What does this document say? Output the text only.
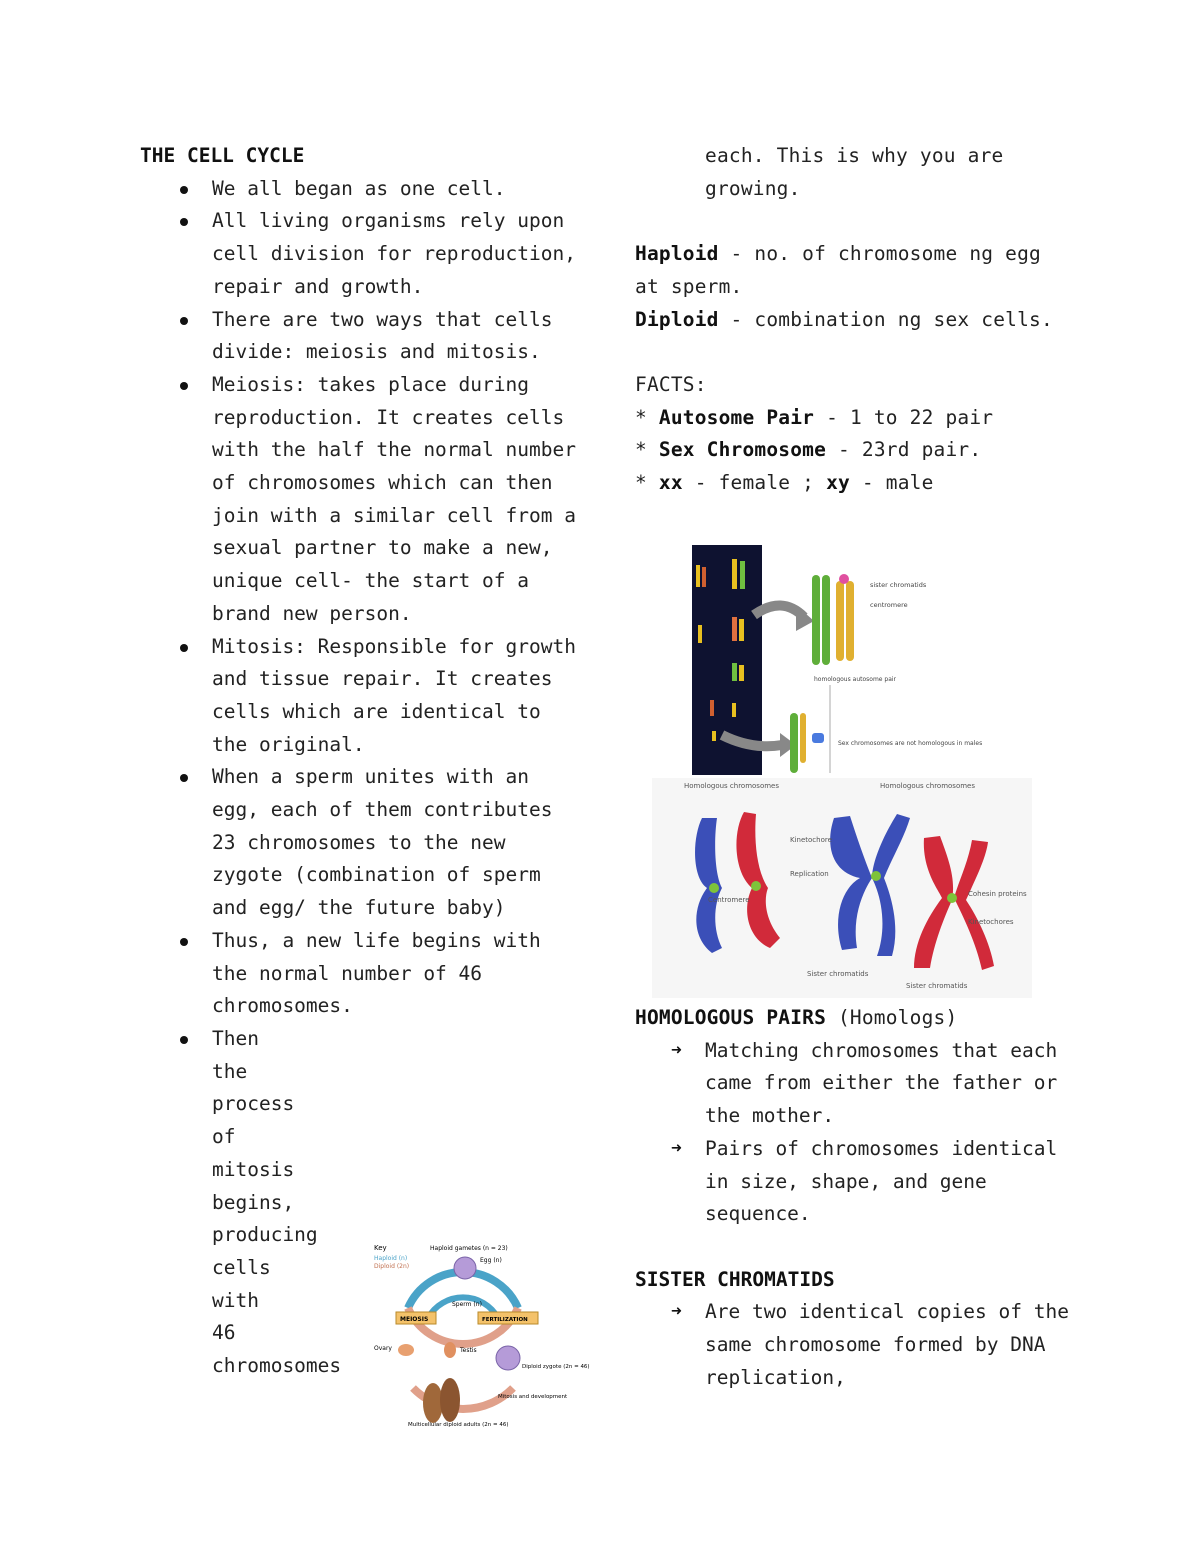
THE CELL CYCLE
We all began as one cell.
All living organisms rely upon cell division for reproduction, repair and growth.
There are two ways that cells divide: meiosis and mitosis.
Meiosis: takes place during reproduction. It creates cells with the half the normal number of chromosomes which can then join with a similar cell from a sexual partner to make a new, unique cell- the start of a brand new person.
Mitosis: Responsible for growth and tissue repair. It creates cells which are identical to the original.
When a sperm unites with an egg, each of them contributes 23 chromosomes to the new zygote (combination of sperm and egg/ the future baby)
Thus, a new life begins with the normal number of 46 chromosomes.
Then the process of mitosis begins, producing cells with 46 chromosomes
Key
Haploid (n)
Diploid (2n)
Haploid gametes (n = 23)
Egg (n)
Sperm (n)
MEIOSIS	FERTILIZATION
Ovary	Testis
Diploid zygote (2n = 46)
Mitosis and development
Multicellular diploid adults (2n = 46)
each. This is why you are growing.
Haploid - no. of chromosome ng egg at sperm.
Diploid - combination ng sex cells.
FACTS:
* Autosome Pair - 1 to 22 pair
* Sex Chromosome - 23rd pair.
* xx - female ; xy - male
sister chromatids
centromere
homologous autosome pair
Sex chromosomes are not homologous in males
Homologous chromosomes	Homologous chromosomes
Kinetochore
Replication
Centromere
Cohesin proteins
Kinetochores
Sister chromatids
Sister chromatids
HOMOLOGOUS PAIRS (Homologs)
➜ Matching chromosomes that each came from either the father or the mother.
➜ Pairs of chromosomes identical in size, shape, and gene sequence.
SISTER CHROMATIDS
➜ Are two identical copies of the same chromosome formed by DNA replication,
